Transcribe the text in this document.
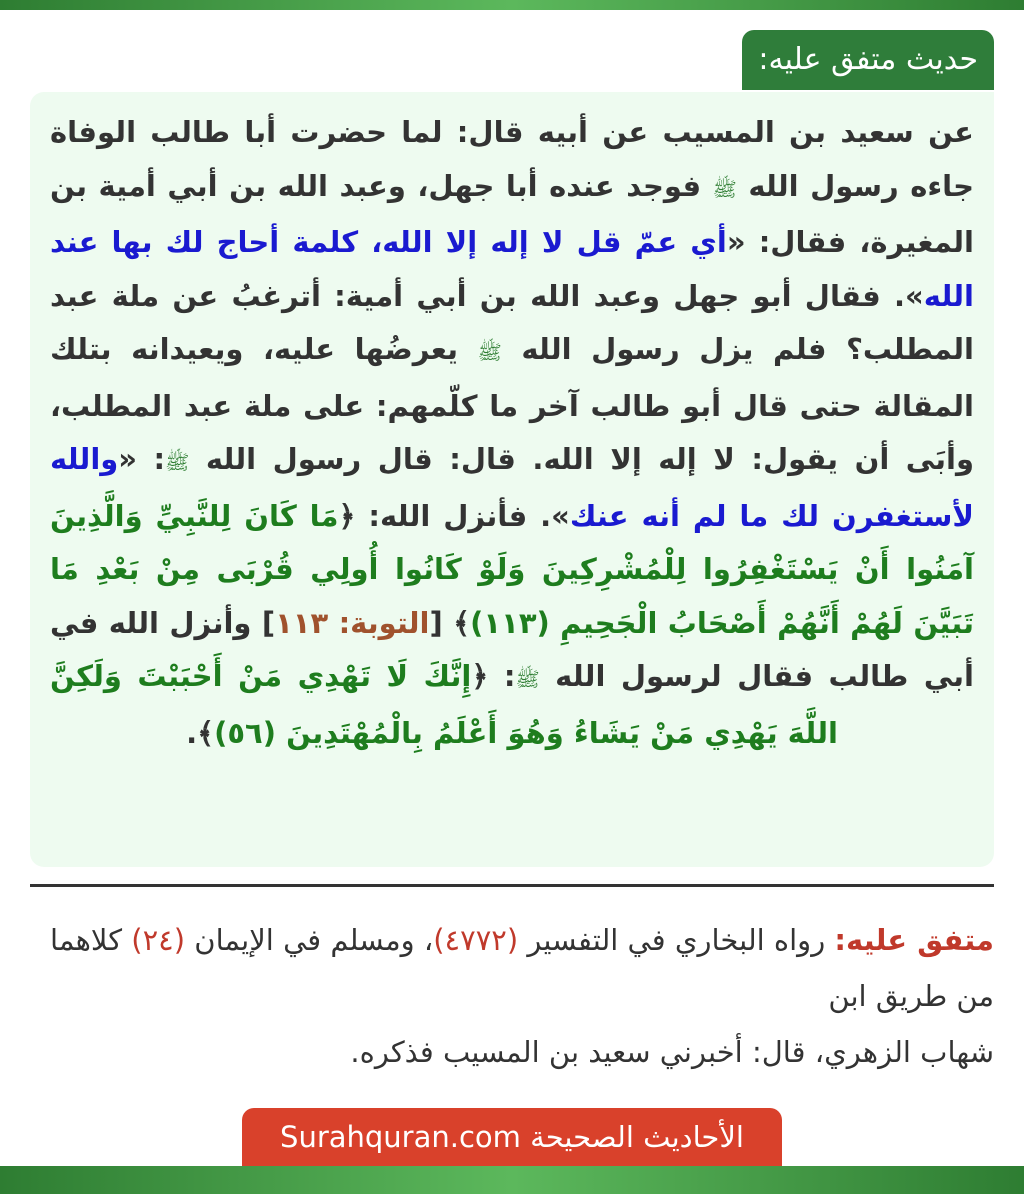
حديث متفق عليه:

عن سعيد بن المسيب عن أبيه قال: لما حضرت أبا طالب الوفاة جاءه رسول الله ﷺ فوجد عنده أبا جهل، وعبد الله بن أبي أمية بن المغيرة، فقال: «أي عمّ قل لا إله إلا الله، كلمة أحاج لك بها عند الله». فقال أبو جهل وعبد الله بن أبي أمية: أترغبُ عن ملة عبد المطلب؟ فلم يزل رسول الله ﷺ يعرضُها عليه، ويعيدانه بتلك المقالة حتى قال أبو طالب آخر ما كلّمهم: على ملة عبد المطلب، وأبَى أن يقول: لا إله إلا الله. قال: قال رسول الله ﷺ: «والله لأستغفرن لك ما لم أنه عنك». فأنزل الله: ﴿مَا كَانَ لِلنَّبِيِّ وَالَّذِينَ آمَنُوا أَنْ يَسْتَغْفِرُوا لِلْمُشْرِكِينَ وَلَوْ كَانُوا أُولِي قُرْبَى مِنْ بَعْدِ مَا تَبَيَّنَ لَهُمْ أَنَّهُمْ أَصْحَابُ الْجَحِيمِ (١١٣)﴾ [التوبة: ١١٣] وأنزل الله في أبي طالب فقال لرسول الله ﷺ: ﴿إِنَّكَ لَا تَهْدِي مَنْ أَحْبَبْتَ وَلَكِنَّ اللَّهَ يَهْدِي مَنْ يَشَاءُ وَهُوَ أَعْلَمُ بِالْمُهْتَدِينَ (٥٦)﴾.

متفق عليه: رواه البخاري في التفسير (٤٧٧٢)، ومسلم في الإيمان (٢٤) كلاهما من طريق ابن
شهاب الزهري، قال: أخبرني سعيد بن المسيب فذكره.

الأحاديث الصحيحة Surahquran.com
